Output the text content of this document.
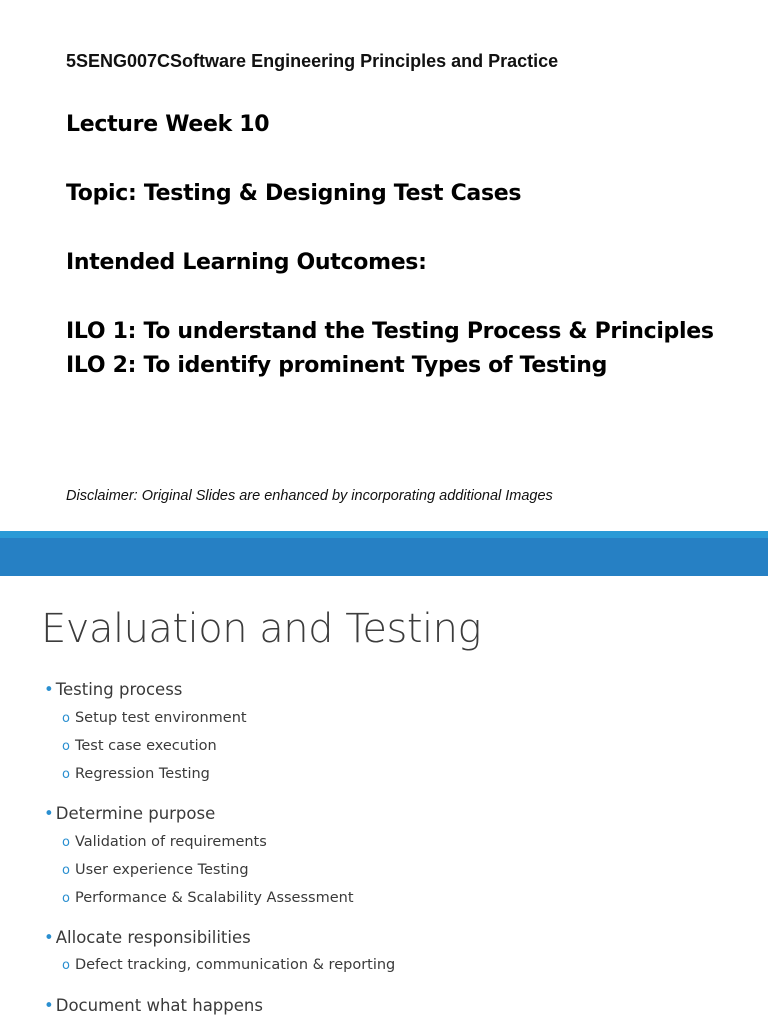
5SENG007CSoftware Engineering Principles and Practice
Lecture Week 10
Topic: Testing & Designing Test Cases
Intended Learning Outcomes:
ILO 1: To understand the Testing Process & Principles
ILO 2: To identify prominent Types of Testing
Disclaimer: Original Slides are enhanced by incorporating additional Images
Evaluation and Testing
• Testing process
o Setup test environment
o Test case execution
o Regression Testing
• Determine purpose
o Validation of requirements
o User experience Testing
o Performance & Scalability Assessment
• Allocate responsibilities
o Defect tracking, communication & reporting
• Document what happens
